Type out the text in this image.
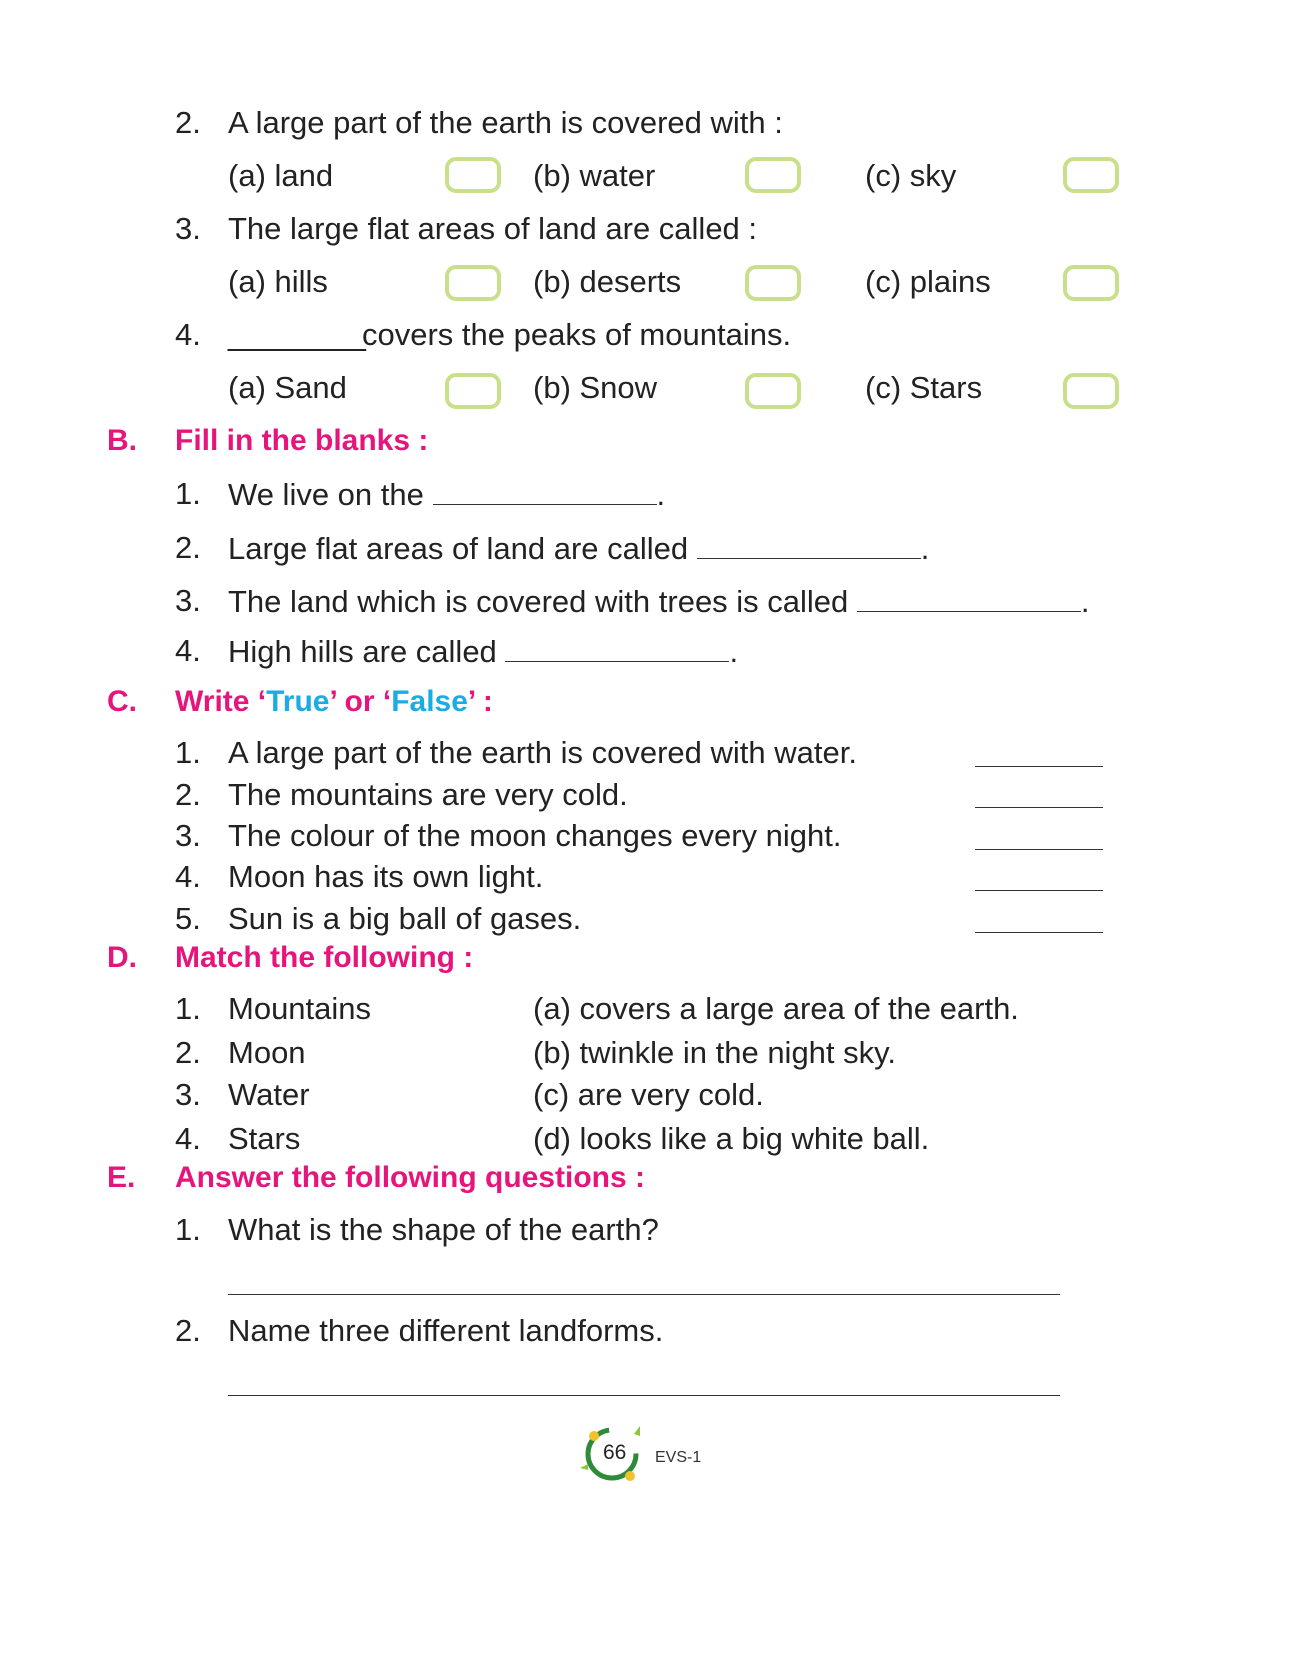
2. A large part of the earth is covered with :
(a) land	(b) water	(c) sky
3. The large flat areas of land are called :
(a) hills	(b) deserts	(c) plains
4. ________
covers the peaks of mountains.
(a) Sand	(b) Snow	(c) Stars
B. Fill in the blanks :
1. We live on the	.
2. Large flat areas of land are called	.
3. The land which is covered with trees is called	.
4. High hills are called	.
C. Write ‘True’ or ‘False’ :
1. A large part of the earth is covered with water.
2. The mountains are very cold.
3. The colour of the moon changes every night.
4. Moon has its own light.
5. Sun is a big ball of gases.
D. Match the following :
1. Mountains	(a) covers a large area of the earth.
2. Moon	(b) twinkle in the night sky.
3. Water	(c) are very cold.
4. Stars	(d) looks like a big white ball.
E. Answer the following questions :
1. What is the shape of the earth?
2. Name three different landforms.
66 EVS-1
